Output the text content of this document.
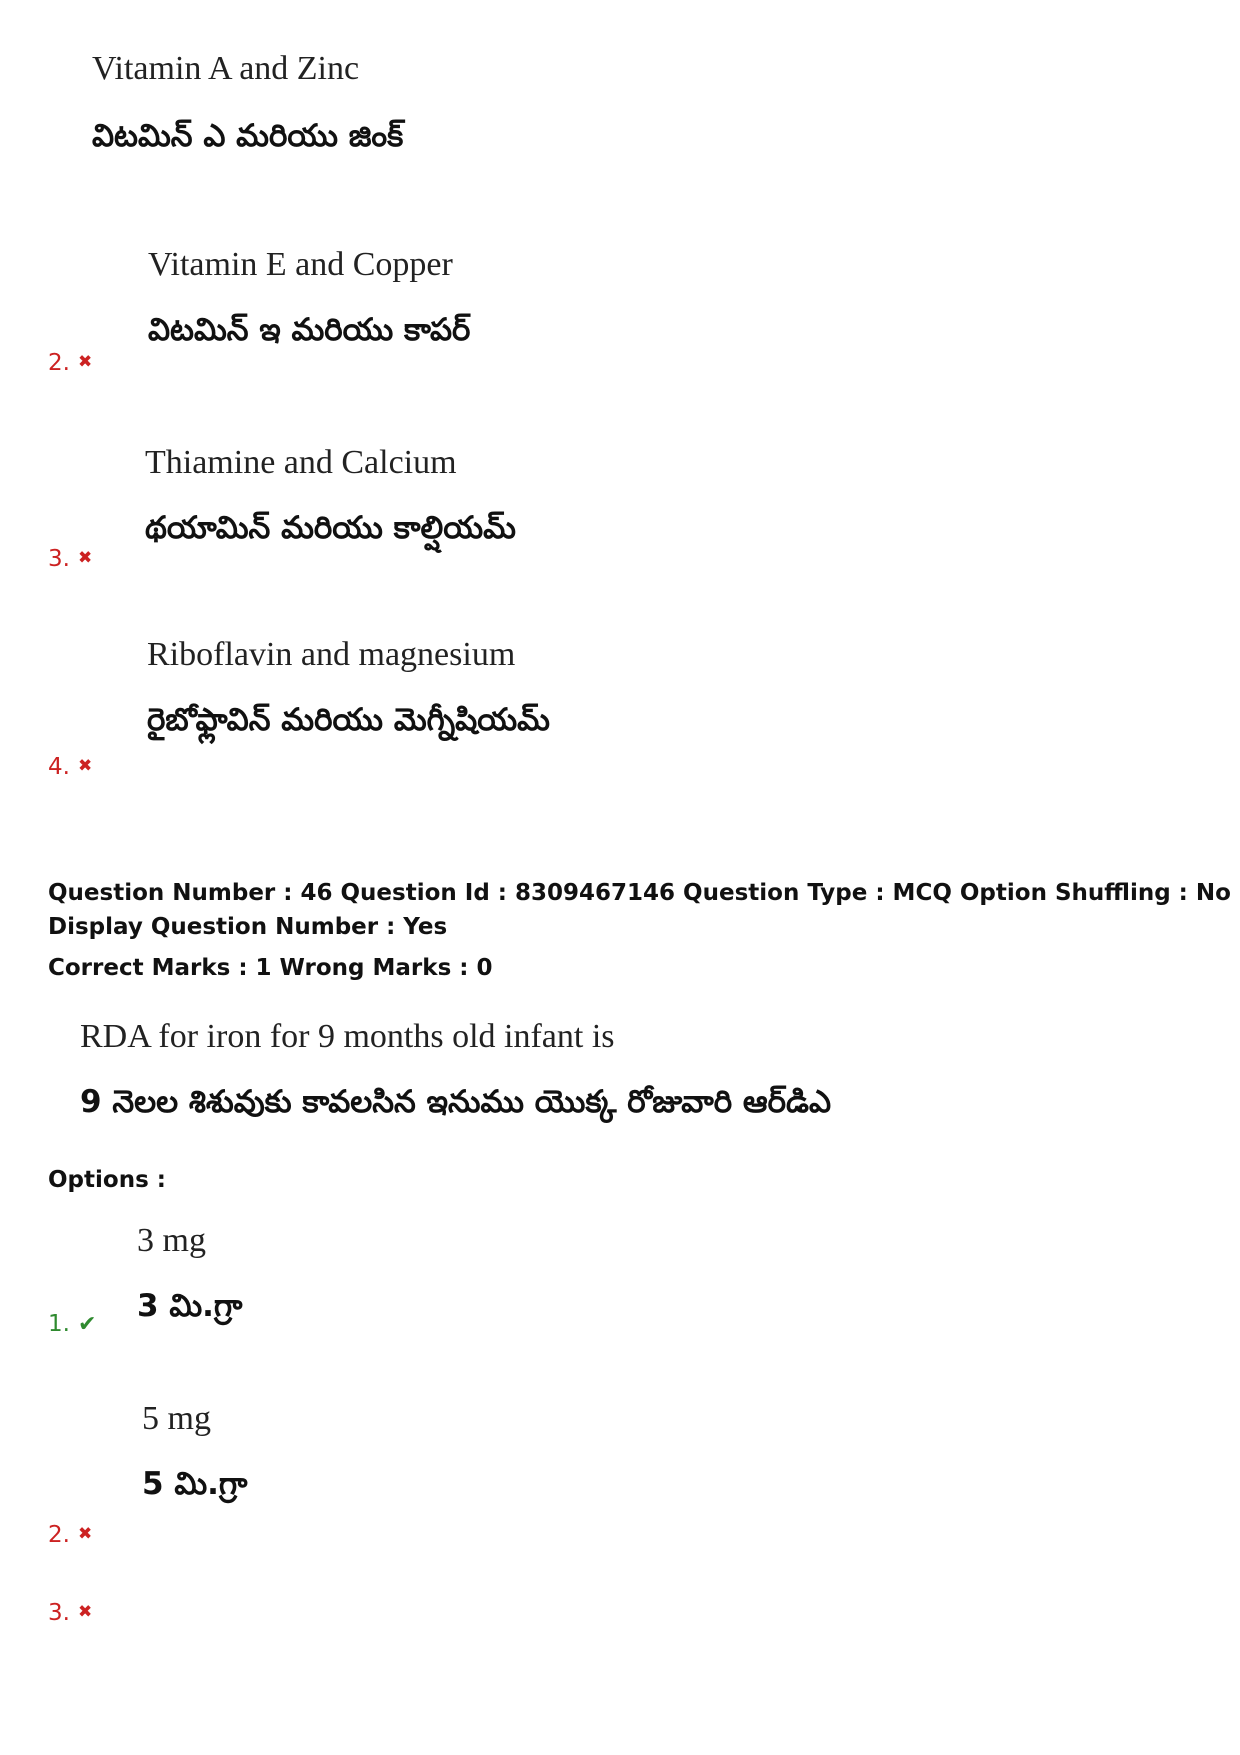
Vitamin A and Zinc
విటమిన్ ఎ మరియు జింక్
Vitamin E and Copper
విటమిన్ ఇ మరియు కాపర్
2. ✖
Thiamine and Calcium
థయామిన్ మరియు కాల్షియమ్
3. ✖
Riboflavin and magnesium
రైబోఫ్లావిన్ మరియు మెగ్నీషియమ్
4. ✖
Question Number : 46 Question Id : 8309467146 Question Type : MCQ Option Shuffling : No
Display Question Number : Yes
Correct Marks : 1 Wrong Marks : 0
RDA for iron for 9 months old infant is
9 నెలల శిశువుకు కావలసిన ఇనుము యొక్క రోజువారి ఆర్‌డిఎ
Options :
3 mg
3 మి.గ్రా
1. ✔
5 mg
5 మి.గ్రా
2. ✖
3. ✖
